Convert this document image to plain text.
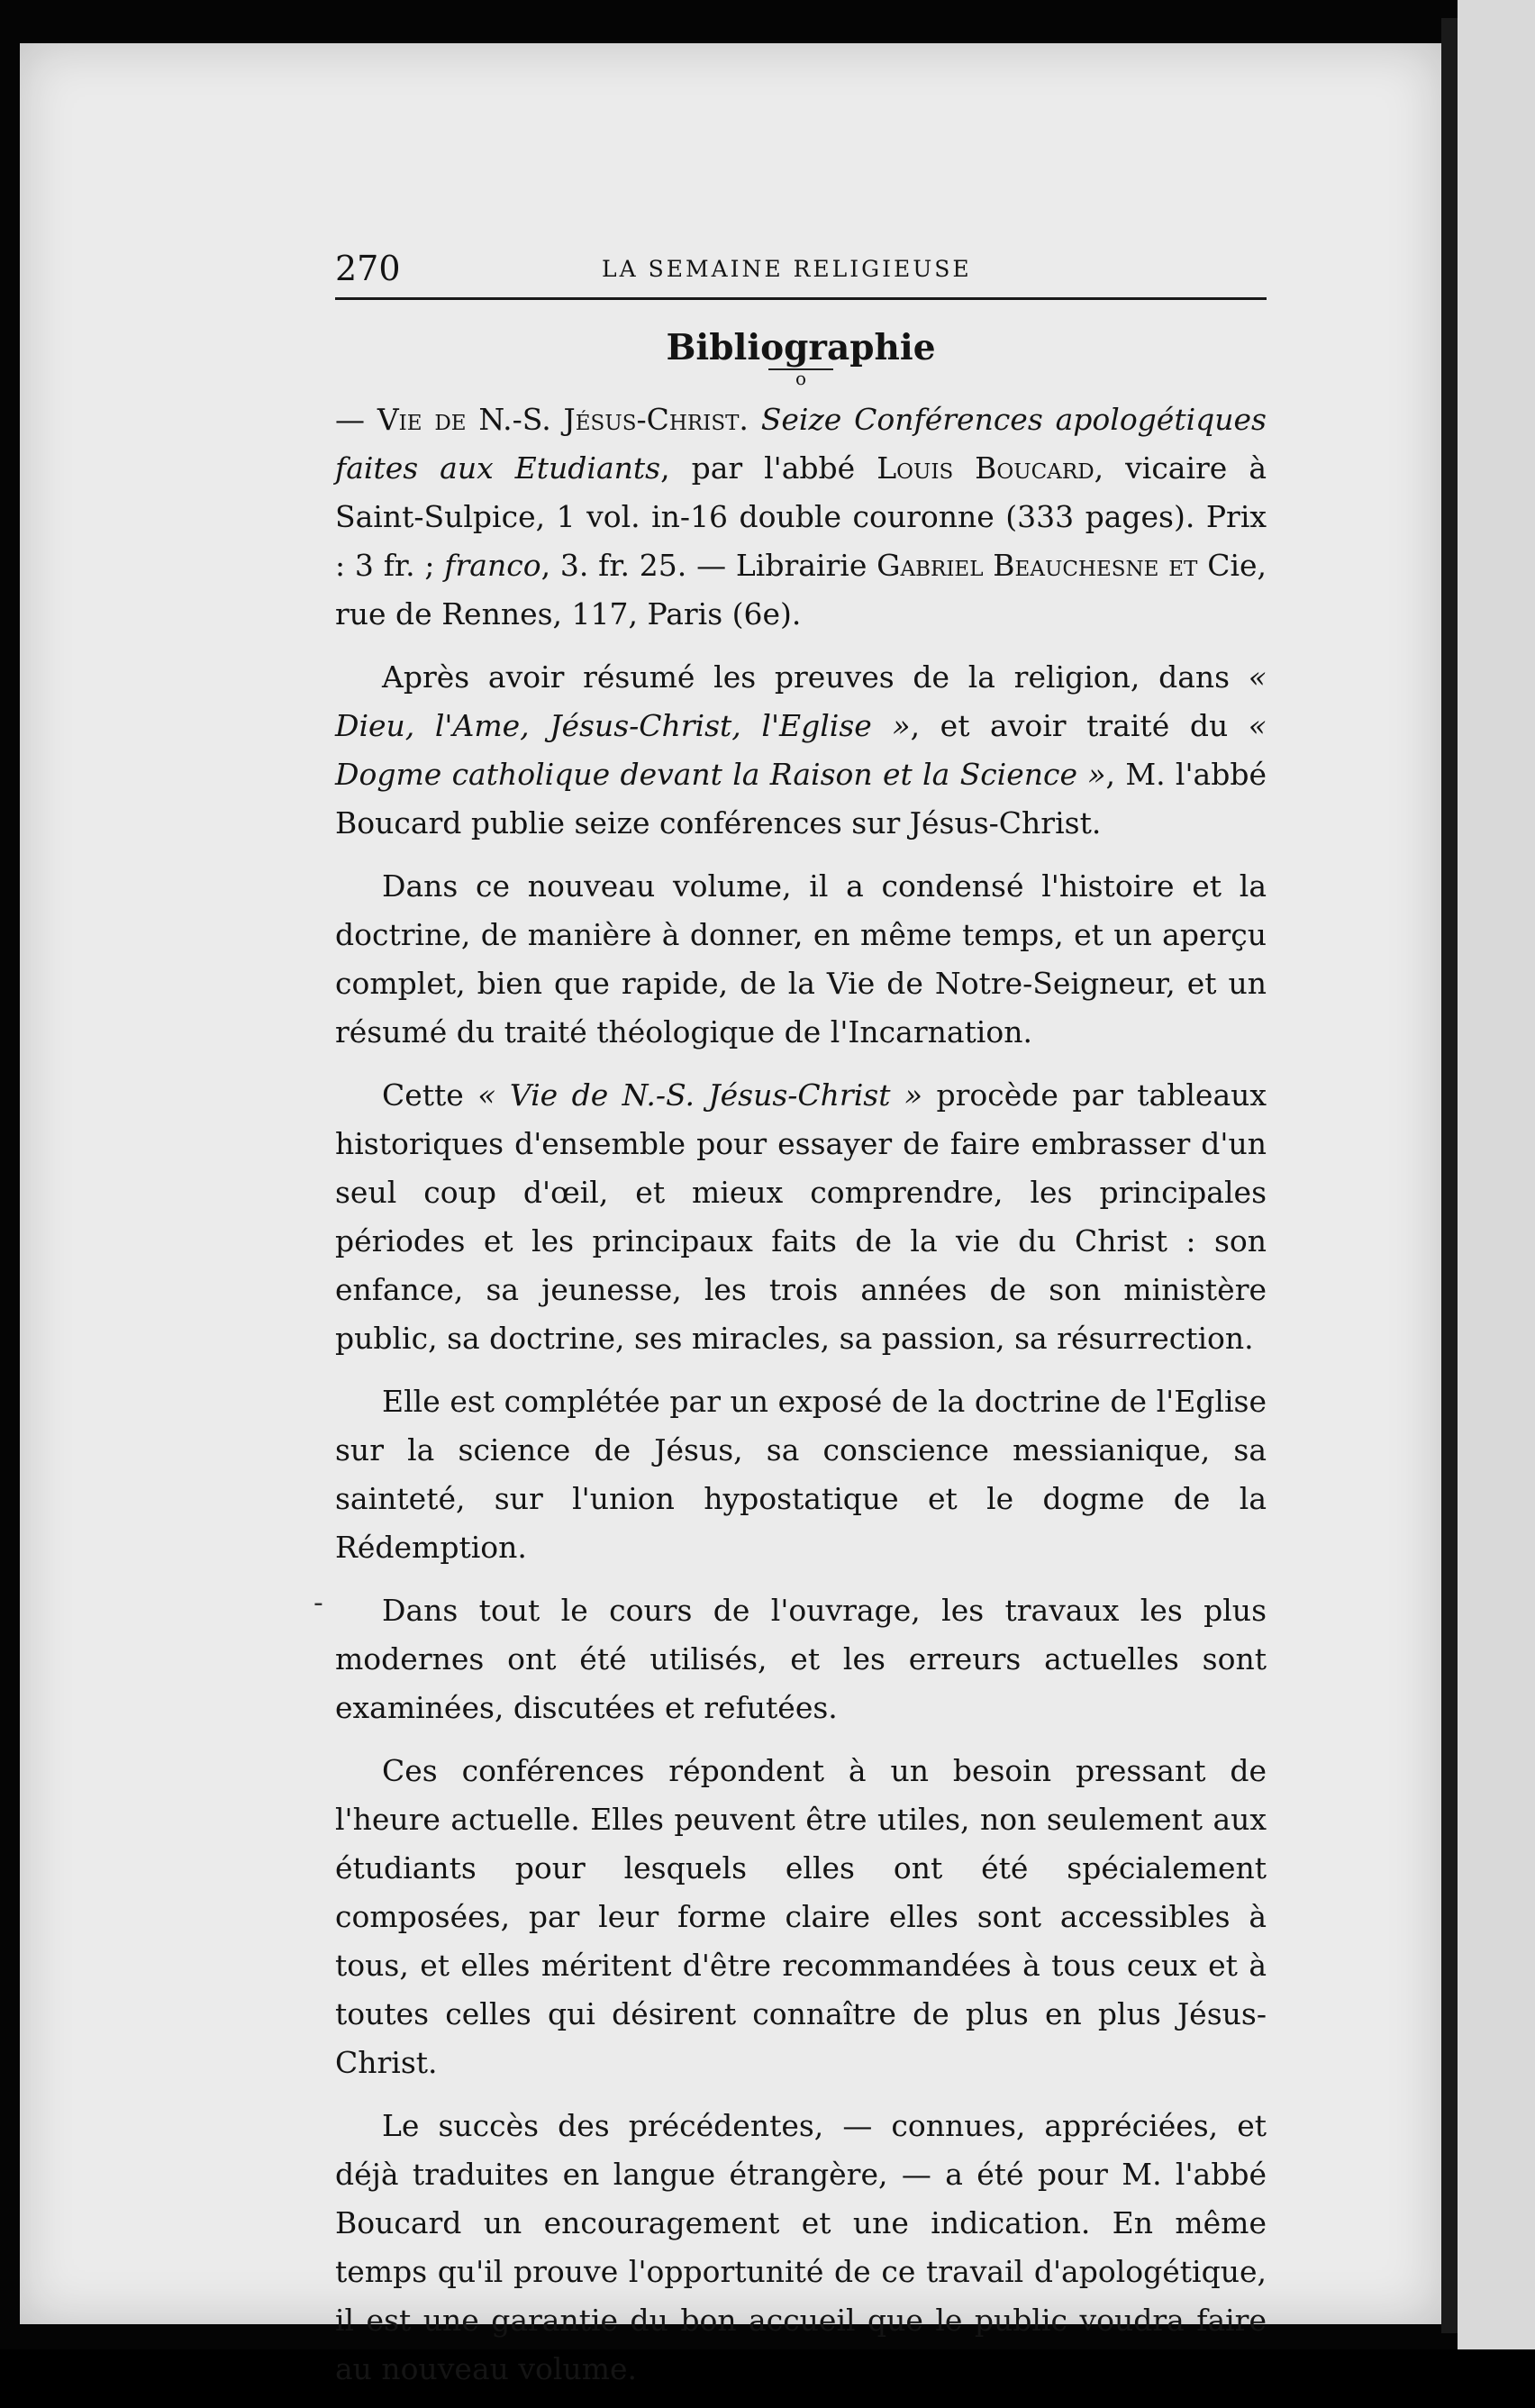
-
270	LA SEMAINE RELIGIEUSE
Bibliographie
o

— Vie de N.-S. Jésus-Christ. Seize Conférences apologétiques faites aux Etudiants, par l'abbé Louis Boucard, vicaire à Saint-Sulpice, 1 vol. in-16 double couronne (333 pages). Prix : 3 fr. ; franco, 3. fr. 25. — Librairie Gabriel Beauchesne et Cie, rue de Rennes, 117, Paris (6e).

Après avoir résumé les preuves de la religion, dans « Dieu, l'Ame, Jésus-Christ, l'Eglise », et avoir traité du « Dogme catholique devant la Raison et la Science », M. l'abbé Boucard publie seize conférences sur Jésus-Christ.

Dans ce nouveau volume, il a condensé l'histoire et la doctrine, de manière à donner, en même temps, et un aperçu complet, bien que rapide, de la Vie de Notre-Seigneur, et un résumé du traité théologique de l'Incarnation.

Cette « Vie de N.-S. Jésus-Christ » procède par tableaux historiques d'ensemble pour essayer de faire embrasser d'un seul coup d'œil, et mieux comprendre, les principales périodes et les principaux faits de la vie du Christ : son enfance, sa jeunesse, les trois années de son ministère public, sa doctrine, ses miracles, sa passion, sa résurrection.

Elle est complétée par un exposé de la doctrine de l'Eglise sur la science de Jésus, sa conscience messianique, sa sainteté, sur l'union hypostatique et le dogme de la Rédemption.

Dans tout le cours de l'ouvrage, les travaux les plus modernes ont été utilisés, et les erreurs actuelles sont examinées, discutées et refutées.

Ces conférences répondent à un besoin pressant de l'heure actuelle. Elles peuvent être utiles, non seulement aux étudiants pour lesquels elles ont été spécialement composées, par leur forme claire elles sont accessibles à tous, et elles méritent d'être recommandées à tous ceux et à toutes celles qui désirent connaître de plus en plus Jésus-Christ.

Le succès des précédentes, — connues, appréciées, et déjà traduites en langue étrangère, — a été pour M. l'abbé Boucard un encouragement et une indication. En même temps qu'il prouve l'opportunité de ce travail d'apologétique, il est une garantie du bon accueil que le public voudra faire au nouveau volume.
